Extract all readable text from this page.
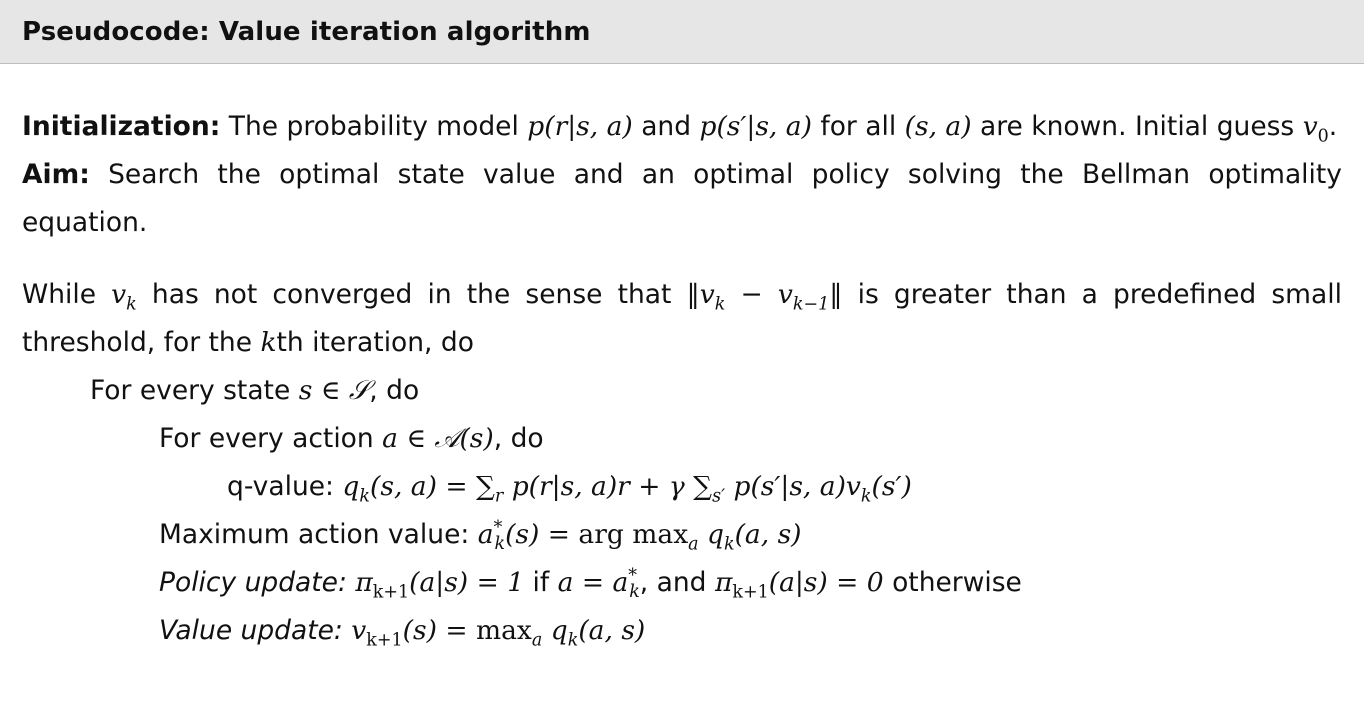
Pseudocode: Value iteration algorithm

Initialization: The probability model p(r|s, a) and p(s′|s, a) for all (s, a) are known. Initial guess $v_0$.

Aim: Search the optimal state value and an optimal policy solving the Bellman optimality equation.

While $v_k$ has not converged in the sense that $‖v_k$ − $v_{k-1}‖$ is greater than a predefined small threshold, for the kth iteration, do

For every state s ∈ 𝒮, do

For every action a ∈ 𝒜(s), do

q-value: $q_k(s$, $a) = \sum_r$ p(r|s, a)r + γ $\sum_{s'}$ p(s′|s, $a)v_k(s')$

Maximum action value: $a^*_k(s)$ = arg $\max_a q_k(a$, s)

Policy update: $\pi_{k+1}(a|s) = 1$ if $a = a^*_k$, and $\pi_{k+1}(a|s) = 0$ otherwise

Value update: $v_{k+1}(s) = \max_a q_k(a$, s)
